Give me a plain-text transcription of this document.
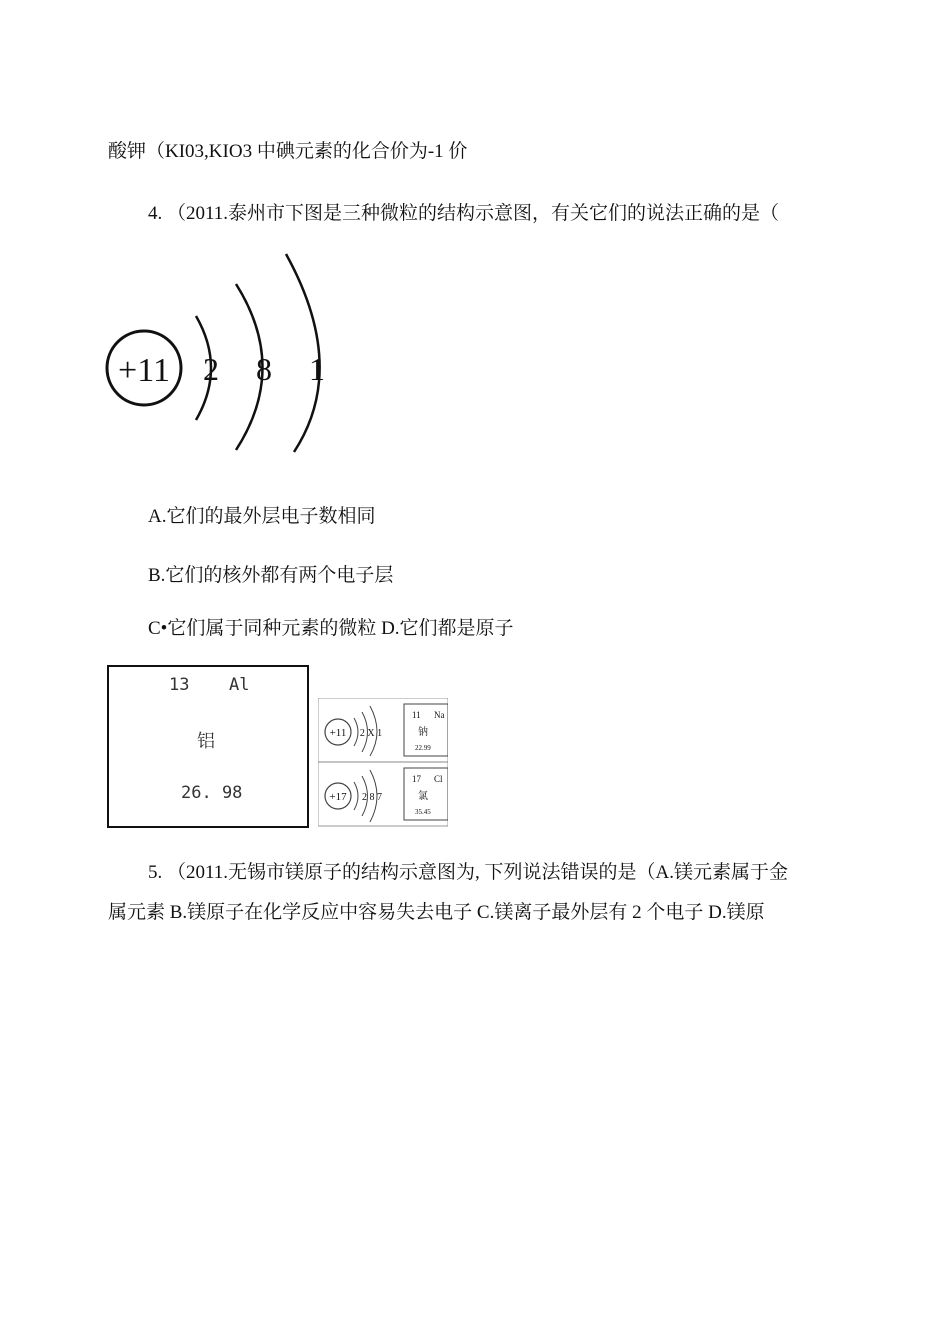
酸钾（KI03,KIO3 中碘元素的化合价为-1 价
4. （2011.泰州市下图是三种微粒的结构示意图，有关它们的说法正确的是（
+11 2 8 1
A.它们的最外层电子数相同
B.它们的核外都有两个电子层
C•它们属于同种元素的微粒 D.它们都是原子
13 Al
铝
26. 98
+11 2 X 1
11 Na
钠
22.99
+17 2 8 7
17 Cl
氯
35.45
5. （2011.无锡市镁原子的结构示意图为, 下列说法错误的是（A.镁元素属于金
属元素 B.镁原子在化学反应中容易失去电子 C.镁离子最外层有 2 个电子 D.镁原
